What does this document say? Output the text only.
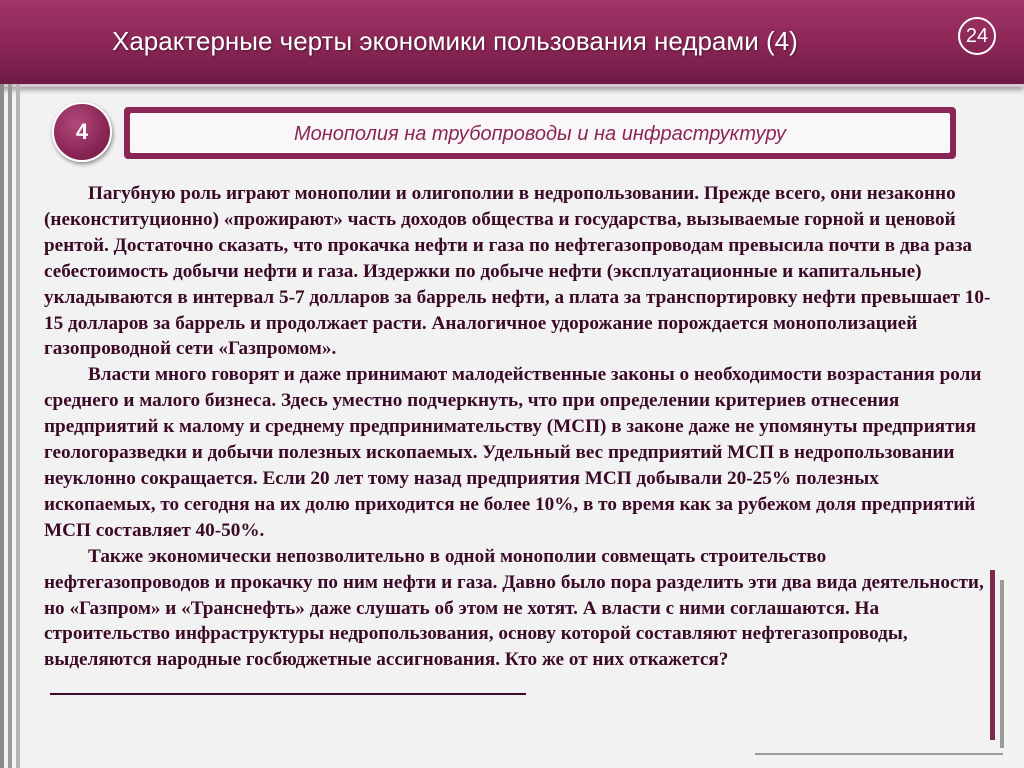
Характерные черты экономики пользования недрами (4)	24
4	Монополия на трубопроводы и на инфраструктуру

Пагубную роль играют монополии и олигополии в недропользовании. Прежде всего, они незаконно (неконституционно) «прожирают» часть доходов общества и государства, вызываемые горной и ценовой рентой. Достаточно сказать, что прокачка нефти и газа по нефтегазопроводам превысила почти в два раза себестоимость добычи нефти и газа. Издержки по добыче нефти (эксплуатационные и капитальные) укладываются в интервал 5-7 долларов за баррель нефти, а плата за транспортировку нефти превышает 10-15 долларов за баррель и продолжает расти. Аналогичное удорожание порождается монополизацией газопроводной сети «Газпромом».

Власти много говорят и даже принимают малодейственные законы о необходимости возрастания роли среднего и малого бизнеса. Здесь уместно подчеркнуть, что при определении критериев отнесения предприятий к малому и среднему предпринимательству (МСП) в законе даже не упомянуты предприятия геологоразведки и добычи полезных ископаемых. Удельный вес предприятий МСП в недропользовании неуклонно сокращается. Если 20 лет тому назад предприятия МСП добывали 20-25% полезных ископаемых, то сегодня на их долю приходится не более 10%, в то время как за рубежом доля предприятий МСП составляет 40-50%.

Также экономически непозволительно в одной монополии совмещать строительство нефтегазопроводов и прокачку по ним нефти и газа. Давно было пора разделить эти два вида деятельности, но «Газпром» и «Транснефть» даже слушать об этом не хотят. А власти с ними соглашаются. На строительство инфраструктуры недропользования, основу которой составляют нефтегазопроводы, выделяются народные госбюджетные ассигнования. Кто же от них откажется?
